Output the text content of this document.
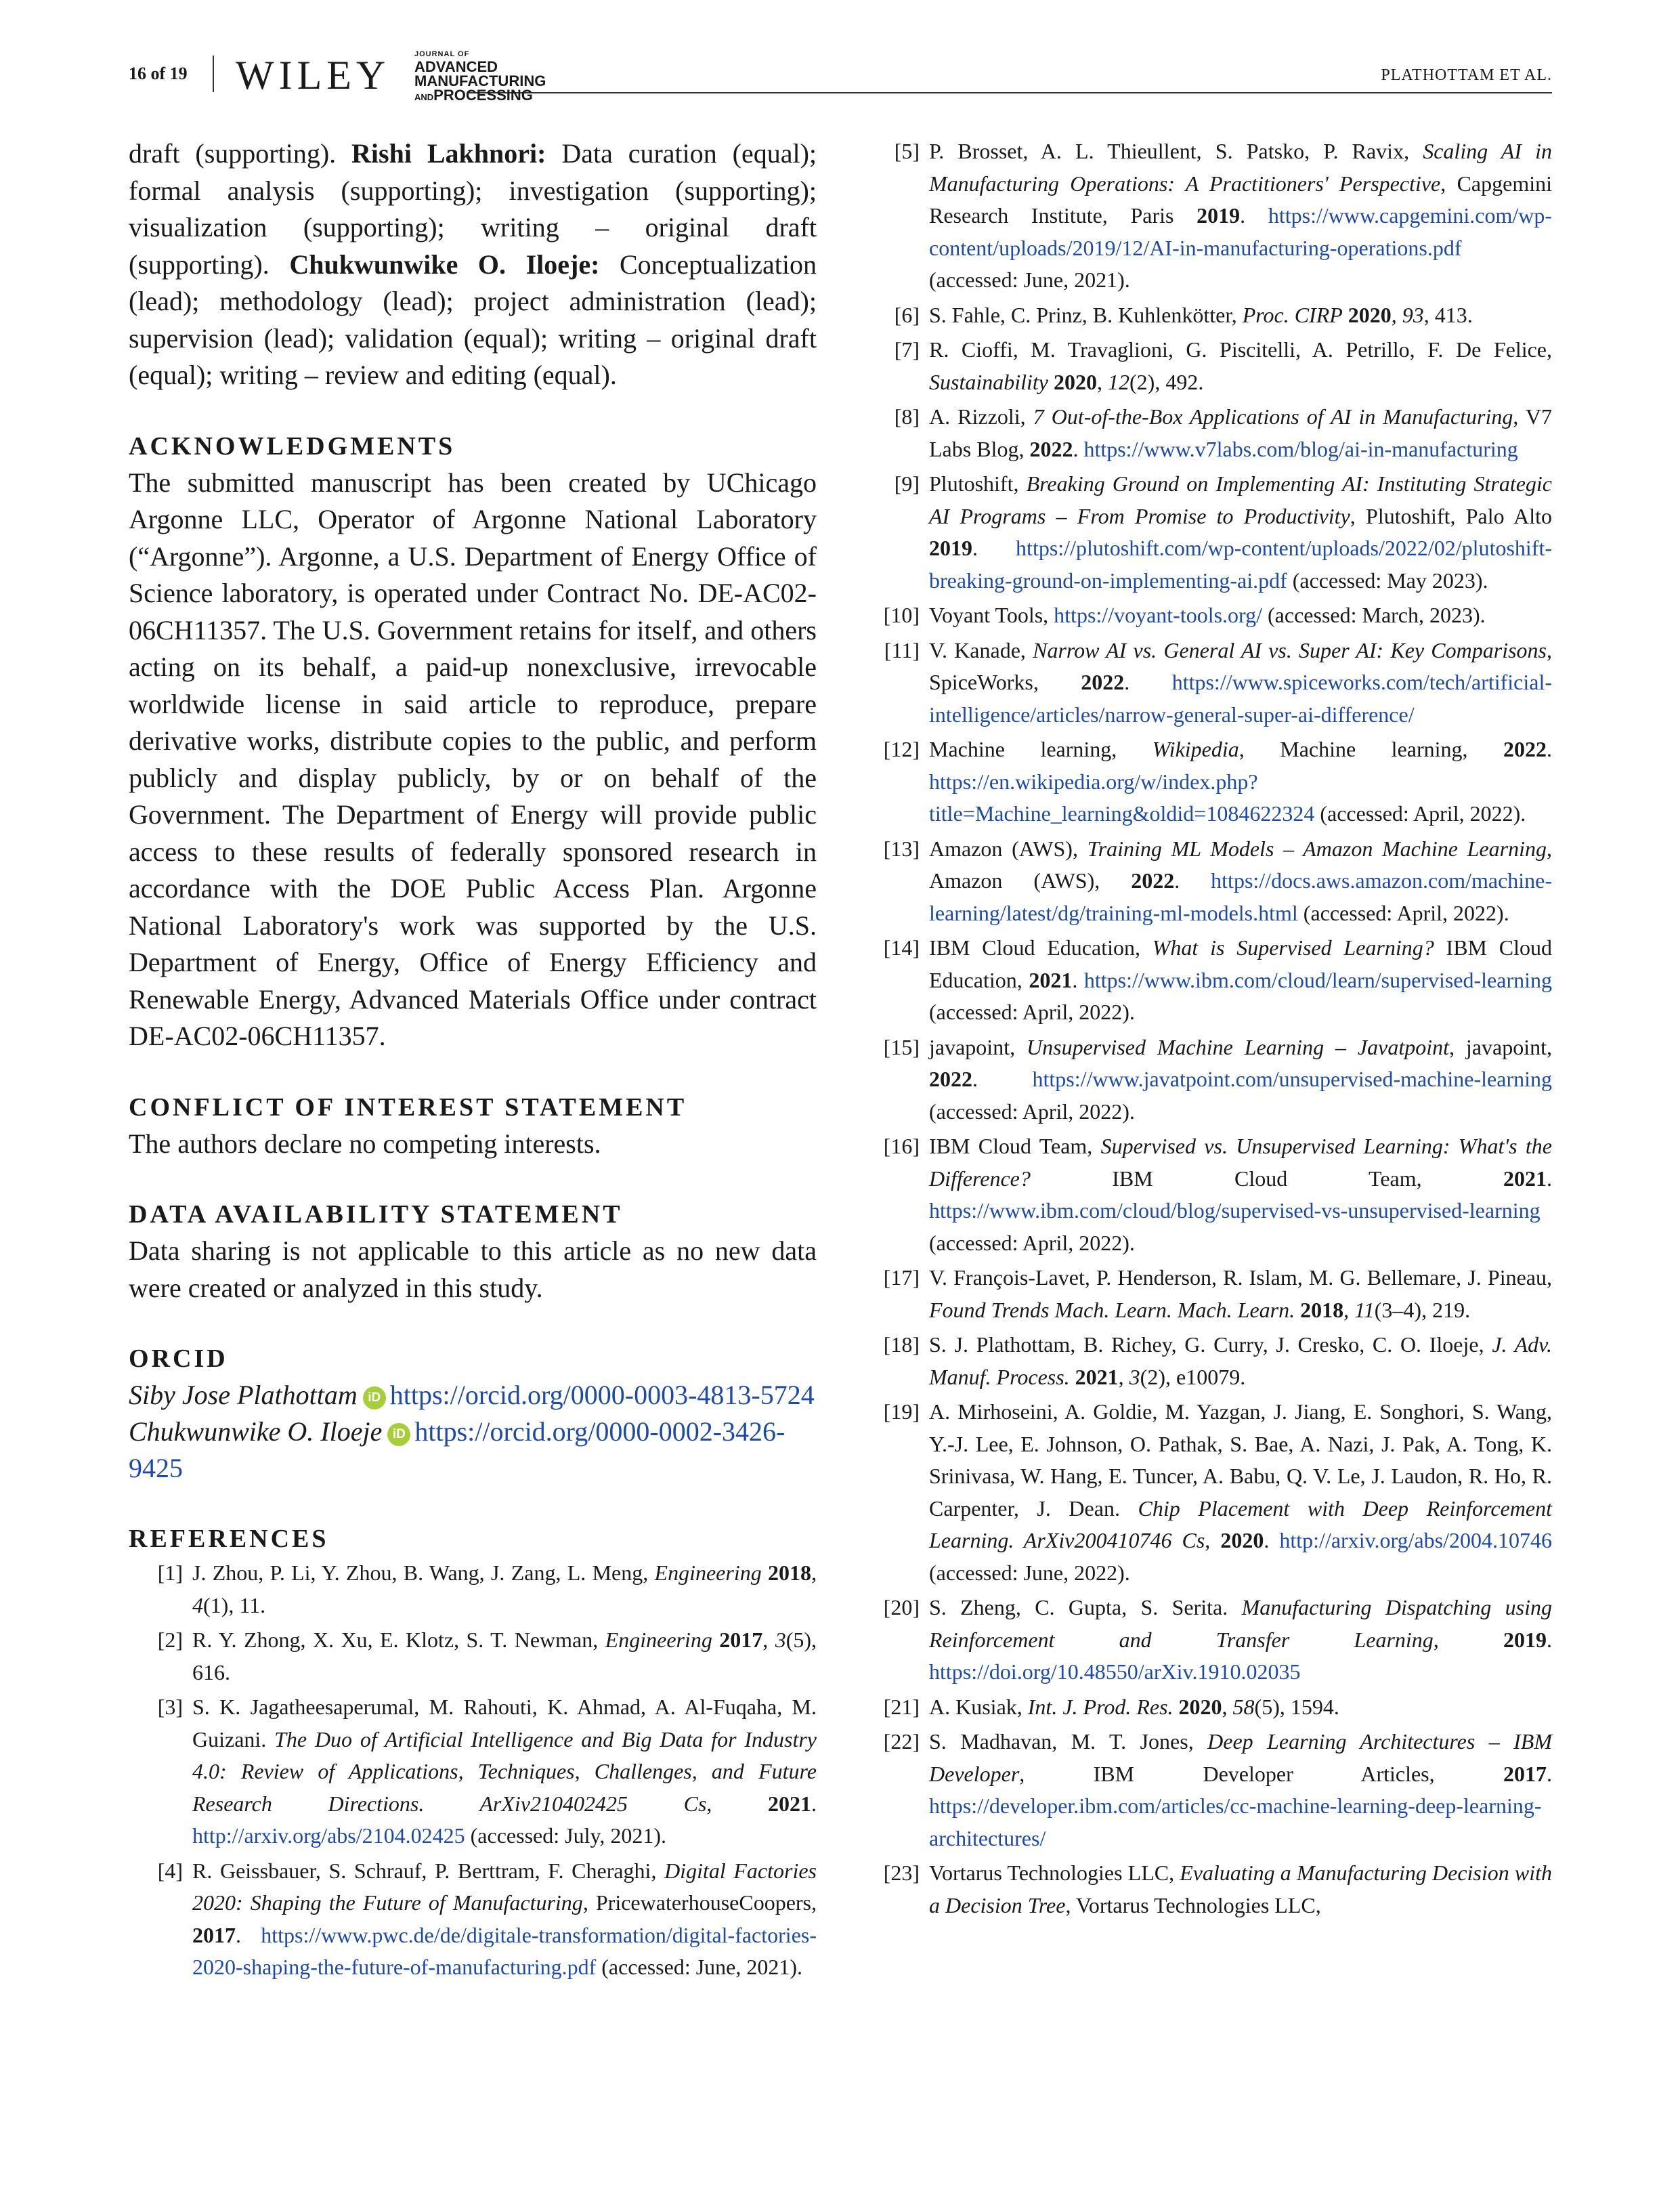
16 of 19 WILEY	JOURNAL OF
ADVANCED
MANUFACTURING
ANDPROCESSING
PLATHOTTAM ET AL.

draft (supporting). Rishi Lakhnori: Data curation (equal); formal analysis (supporting); investigation (supporting); visualization (supporting); writing – original draft (supporting). Chukwunwike O. Iloeje: Conceptualization (lead); methodology (lead); project administration (lead); supervision (lead); validation (equal); writing – original draft (equal); writing – review and editing (equal).

ACKNOWLEDGMENTS

The submitted manuscript has been created by UChicago Argonne LLC, Operator of Argonne National Laboratory (“Argonne”). Argonne, a U.S. Department of Energy Office of Science laboratory, is operated under Contract No. DE-AC02-06CH11357. The U.S. Government retains for itself, and others acting on its behalf, a paid-up nonexclusive, irrevocable worldwide license in said article to reproduce, prepare derivative works, distribute copies to the public, and perform publicly and display publicly, by or on behalf of the Government. The Department of Energy will provide public access to these results of federally sponsored research in accordance with the DOE Public Access Plan. Argonne National Laboratory's work was supported by the U.S. Department of Energy, Office of Energy Efficiency and Renewable Energy, Advanced Materials Office under contract DE-AC02-06CH11357.

CONFLICT OF INTEREST STATEMENT

The authors declare no competing interests.

DATA AVAILABILITY STATEMENT

Data sharing is not applicable to this article as no new data were created or analyzed in this study.

ORCID

Siby Jose Plathottam iD https://orcid.org/0000-0003-4813-5724

Chukwunwike O. Iloeje iD https://orcid.org/0000-0002-3426-9425

REFERENCES
[1] J. Zhou, P. Li, Y. Zhou, B. Wang, J. Zang, L. Meng, Engineering 2018, 4(1), 11.
[2] R. Y. Zhong, X. Xu, E. Klotz, S. T. Newman, Engineering 2017, 3(5), 616.
[3] S. K. Jagatheesaperumal, M. Rahouti, K. Ahmad, A. Al-Fuqaha, M. Guizani. The Duo of Artificial Intelligence and Big Data for Industry 4.0: Review of Applications, Techniques, Challenges, and Future Research Directions. ArXiv210402425 Cs, 2021. http://arxiv.org/abs/2104.02425 (accessed: July, 2021).
[4] R. Geissbauer, S. Schrauf, P. Berttram, F. Cheraghi, Digital Factories 2020: Shaping the Future of Manufacturing, PricewaterhouseCoopers, 2017. https://www.pwc.de/de/digitale-transformation/digital-factories-2020-shaping-the-future-of-manufacturing.pdf (accessed: June, 2021).
[5] P. Brosset, A. L. Thieullent, S. Patsko, P. Ravix, Scaling AI in Manufacturing Operations: A Practitioners' Perspective, Capgemini Research Institute, Paris 2019. https://www.capgemini.com/wp-content/uploads/2019/12/AI-in-manufacturing-operations.pdf (accessed: June, 2021).
[6] S. Fahle, C. Prinz, B. Kuhlenkötter, Proc. CIRP 2020, 93, 413.
[7] R. Cioffi, M. Travaglioni, G. Piscitelli, A. Petrillo, F. De Felice, Sustainability 2020, 12(2), 492.
[8] A. Rizzoli, 7 Out-of-the-Box Applications of AI in Manufacturing, V7 Labs Blog, 2022. https://www.v7labs.com/blog/ai-in-manufacturing
[9] Plutoshift, Breaking Ground on Implementing AI: Instituting Strategic AI Programs – From Promise to Productivity, Plutoshift, Palo Alto 2019. https://plutoshift.com/wp-content/uploads/2022/02/plutoshift-breaking-ground-on-implementing-ai.pdf (accessed: May 2023).
[10] Voyant Tools, https://voyant-tools.org/ (accessed: March, 2023).
[11] V. Kanade, Narrow AI vs. General AI vs. Super AI: Key Comparisons, SpiceWorks, 2022. https://www.spiceworks.com/tech/artificial-intelligence/articles/narrow-general-super-ai-difference/
[12] Machine learning, Wikipedia, Machine learning, 2022. https://en.wikipedia.org/w/index.php?title=Machine_learning&oldid=1084622324 (accessed: April, 2022).
[13] Amazon (AWS), Training ML Models – Amazon Machine Learning, Amazon (AWS), 2022. https://docs.aws.amazon.com/machine-learning/latest/dg/training-ml-models.html (accessed: April, 2022).
[14] IBM Cloud Education, What is Supervised Learning? IBM Cloud Education, 2021. https://www.ibm.com/cloud/learn/supervised-learning (accessed: April, 2022).
[15] javapoint, Unsupervised Machine Learning – Javatpoint, javapoint, 2022. https://www.javatpoint.com/unsupervised-machine-learning (accessed: April, 2022).
[16] IBM Cloud Team, Supervised vs. Unsupervised Learning: What's the Difference? IBM Cloud Team, 2021. https://www.ibm.com/cloud/blog/supervised-vs-unsupervised-learning (accessed: April, 2022).
[17] V. François-Lavet, P. Henderson, R. Islam, M. G. Bellemare, J. Pineau, Found Trends Mach. Learn. Mach. Learn. 2018, 11(3–4), 219.
[18] S. J. Plathottam, B. Richey, G. Curry, J. Cresko, C. O. Iloeje, J. Adv. Manuf. Process. 2021, 3(2), e10079.
[19] A. Mirhoseini, A. Goldie, M. Yazgan, J. Jiang, E. Songhori, S. Wang, Y.-J. Lee, E. Johnson, O. Pathak, S. Bae, A. Nazi, J. Pak, A. Tong, K. Srinivasa, W. Hang, E. Tuncer, A. Babu, Q. V. Le, J. Laudon, R. Ho, R. Carpenter, J. Dean. Chip Placement with Deep Reinforcement Learning. ArXiv200410746 Cs, 2020. http://arxiv.org/abs/2004.10746 (accessed: June, 2022).
[20] S. Zheng, C. Gupta, S. Serita. Manufacturing Dispatching using Reinforcement and Transfer Learning, 2019. https://doi.org/10.48550/arXiv.1910.02035
[21] A. Kusiak, Int. J. Prod. Res. 2020, 58(5), 1594.
[22] S. Madhavan, M. T. Jones, Deep Learning Architectures – IBM Developer, IBM Developer Articles, 2017. https://developer.ibm.com/articles/cc-machine-learning-deep-learning-architectures/
[23] Vortarus Technologies LLC, Evaluating a Manufacturing Decision with a Decision Tree, Vortarus Technologies LLC,
